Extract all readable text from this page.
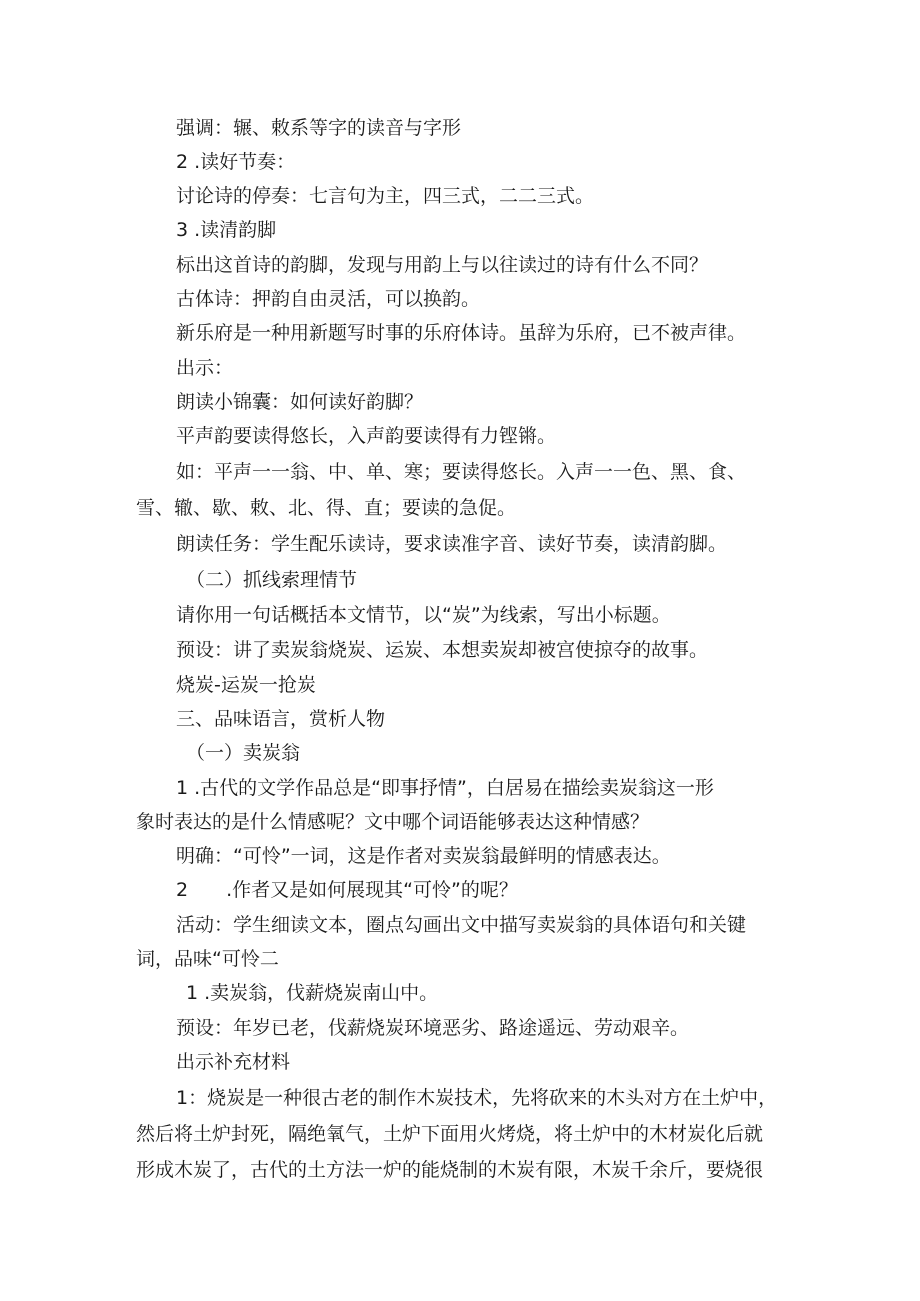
强调：辗、敕系等字的读音与字形

2 .读好节奏：

讨论诗的停奏：七言句为主，四三式，二二三式。

3 .读清韵脚

标出这首诗的韵脚，发现与用韵上与以往读过的诗有什么不同？

古体诗：押韵自由灵活，可以换韵。

新乐府是一种用新题写时事的乐府体诗。虽辞为乐府，已不被声律。

出示：

朗读小锦囊：如何读好韵脚？

平声韵要读得悠长，入声韵要读得有力铿锵。

如：平声一一翁、中、单、寒；要读得悠长。入声一一色、黑、食、

雪、辙、歇、敕、北、得、直；要读的急促。

朗读任务：学生配乐读诗，要求读准字音、读好节奏，读清韵脚。

（二）抓线索理情节

请你用一句话概括本文情节，以“炭”为线索，写出小标题。

预设：讲了卖炭翁烧炭、运炭、本想卖炭却被宫使掠夺的故事。

烧炭-运炭一抢炭

三、品味语言，赏析人物

（一）卖炭翁

1 .古代的文学作品总是“即事抒情”，白居易在描绘卖炭翁这一形

象时表达的是什么情感呢？文中哪个词语能够表达这种情感？

明确：“可怜”一词，这是作者对卖炭翁最鲜明的情感表达。

2　　.作者又是如何展现其“可怜”的呢？

活动：学生细读文本，圈点勾画出文中描写卖炭翁的具体语句和关键

词，品味“可怜二

1 .卖炭翁，伐薪烧炭南山中。

预设：年岁已老，伐薪烧炭环境恶劣、路途遥远、劳动艰辛。

出示补充材料

1：烧炭是一种很古老的制作木炭技术，先将砍来的木头对方在土炉中，

然后将土炉封死，隔绝氧气，土炉下面用火烤烧，将土炉中的木材炭化后就

形成木炭了，古代的土方法一炉的能烧制的木炭有限，木炭千余斤，要烧很
